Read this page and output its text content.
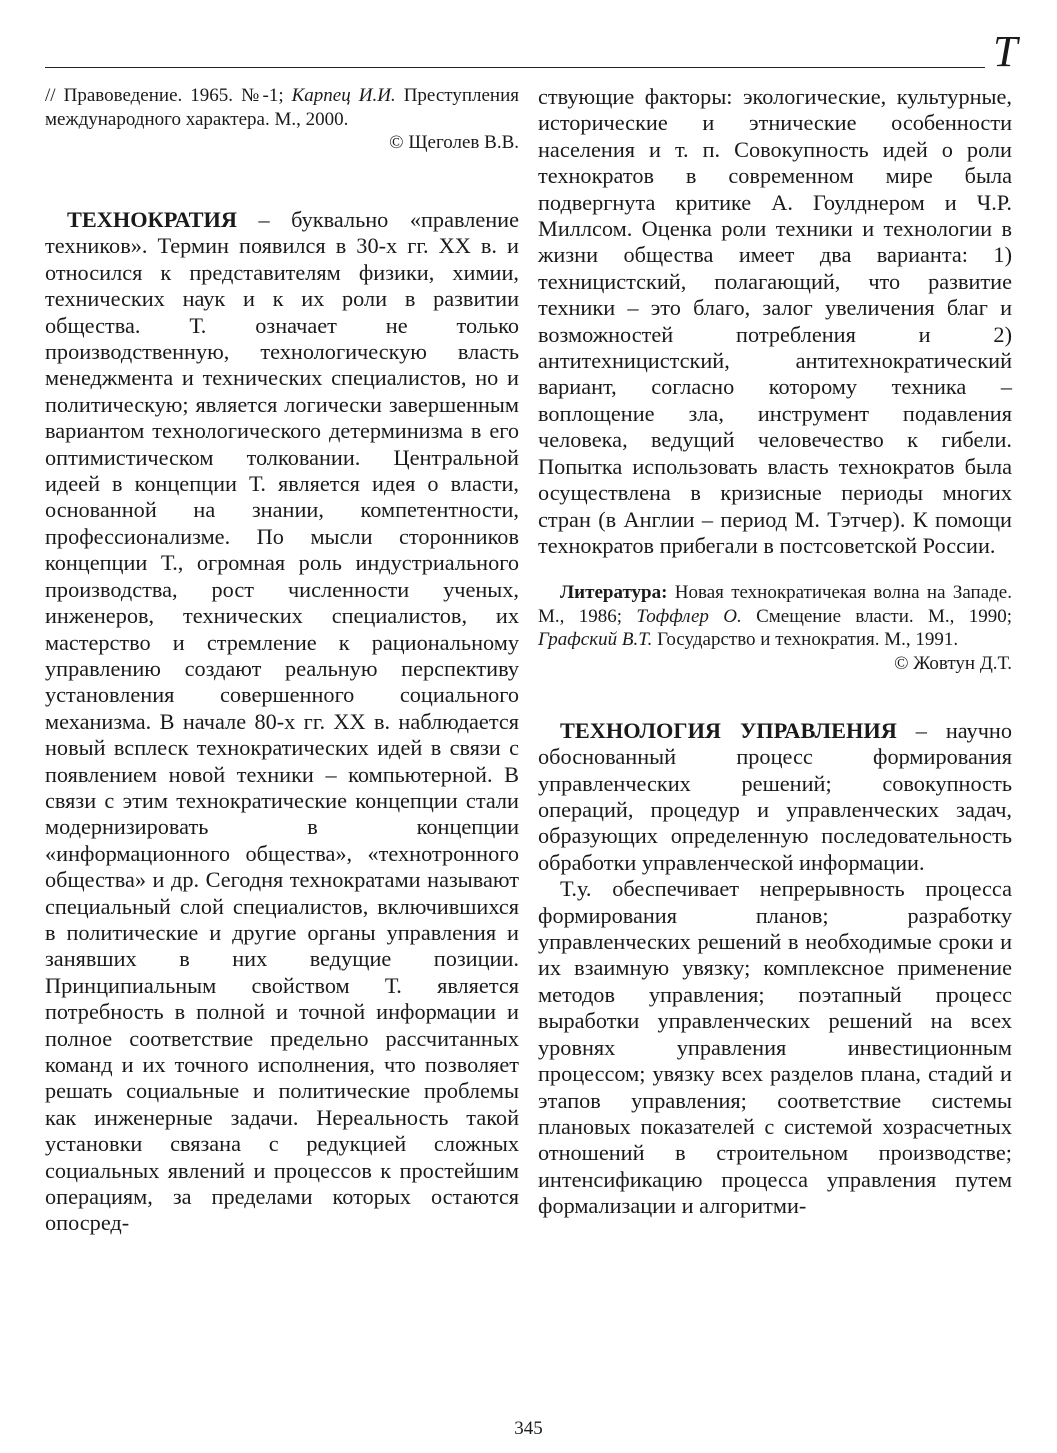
Т

// Правоведение. 1965. №-1; Карпец И.И. Преступления международного характера. М., 2000.

© Щеголев В.В.

ТЕХНОКРАТИЯ – буквально «правление техников». Термин появился в 30-х гг. XX в. и относился к представителям физики, химии, технических наук и к их роли в развитии общества. Т. означает не только производственную, технологическую власть менеджмента и технических специалистов, но и политическую; является логически завершенным вариантом технологического детерминизма в его оптимистическом толковании. Центральной идеей в концепции Т. является идея о власти, основанной на знании, компетентности, профессионализме. По мысли сторонников концепции Т., огромная роль индустриального производства, рост численности ученых, инженеров, технических специалистов, их мастерство и стремление к рациональному управлению создают реальную перспективу установления совершенного социального механизма. В начале 80-х гг. XX в. наблюдается новый всплеск технократических идей в связи с появлением новой техники – компьютерной. В связи с этим технократические концепции стали модернизировать в концепции «информационного общества», «технотронного общества» и др. Сегодня технократами называют специальный слой специалистов, включившихся в политические и другие органы управления и занявших в них ведущие позиции. Принципиальным свойством Т. является потребность в полной и точной информации и полное соответствие предельно рассчитанных команд и их точного исполнения, что позволяет решать социальные и политические проблемы как инженерные задачи. Нереальность такой установки связана с редукцией сложных социальных явлений и процессов к простейшим операциям, за пределами которых остаются опосред-

ствующие факторы: экологические, культурные, исторические и этнические особенности населения и т. п. Совокупность идей о роли технократов в современном мире была подвергнута критике А. Гоулднером и Ч.Р. Миллсом. Оценка роли техники и технологии в жизни общества имеет два варианта: 1) техницистский, полагающий, что развитие техники – это благо, залог увеличения благ и возможностей потребления и 2) антитехницистский, антитехнократический вариант, согласно которому техника – воплощение зла, инструмент подавления человека, ведущий человечество к гибели. Попытка использовать власть технократов была осуществлена в кризисные периоды многих стран (в Англии – период М. Тэтчер). К помощи технократов прибегали в постсоветской России.

Литература: Новая технократичекая волна на Западе. М., 1986; Тоффлер О. Смещение власти. М., 1990; Графский В.Т. Государство и технократия. М., 1991.

© Жовтун Д.Т.

ТЕХНОЛОГИЯ УПРАВЛЕНИЯ – научно обоснованный процесс формирования управленческих решений; совокупность операций, процедур и управленческих задач, образующих определенную последовательность обработки управленческой информации.

Т.у. обеспечивает непрерывность процесса формирования планов; разработку управленческих решений в необходимые сроки и их взаимную увязку; комплексное применение методов управления; поэтапный процесс выработки управленческих решений на всех уровнях управления инвестиционным процессом; увязку всех разделов плана, стадий и этапов управления; соответствие системы плановых показателей с системой хозрасчетных отношений в строительном производстве; интенсификацию процесса управления путем формализации и алгоритми-

345
